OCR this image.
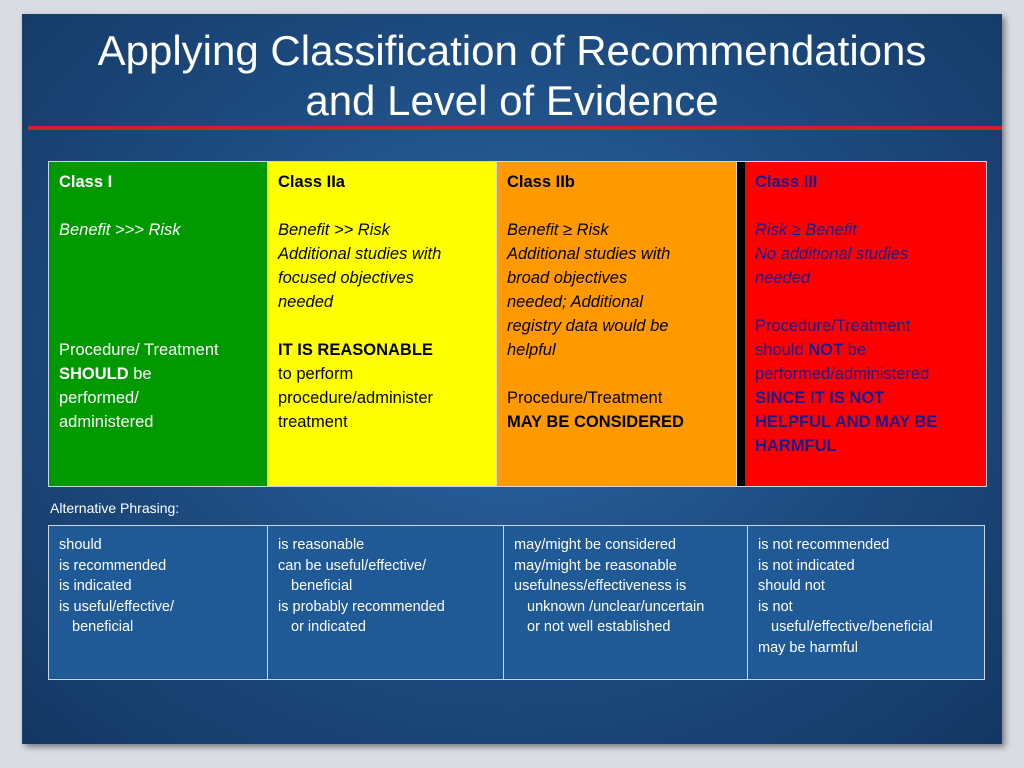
Applying Classification of Recommendations
and Level of Evidence
Class I
Benefit >>> Risk
Procedure/ Treatment
SHOULD be
performed/
administered
Class IIa
Benefit >> Risk
Additional studies with
focused objectives
needed
IT IS REASONABLE
to perform
procedure/administer
treatment
Class IIb
Benefit ≥ Risk
Additional studies with
broad objectives
needed; Additional
registry data would be
helpful
Procedure/Treatment
MAY BE CONSIDERED
Class III
Risk ≥ Benefit
No additional studies
needed
Procedure/Treatment
should NOT be
performed/administered
SINCE IT IS NOT
HELPFUL AND MAY BE
HARMFUL
Alternative Phrasing:
should
is recommended
is indicated
is useful/effective/
beneficial
is reasonable
can be useful/effective/
beneficial
is probably recommended
or indicated
may/might be considered
may/might be reasonable
usefulness/effectiveness is
unknown /unclear/uncertain
or not well established
is not recommended
is not indicated
should not
is not
useful/effective/beneficial
may be harmful
